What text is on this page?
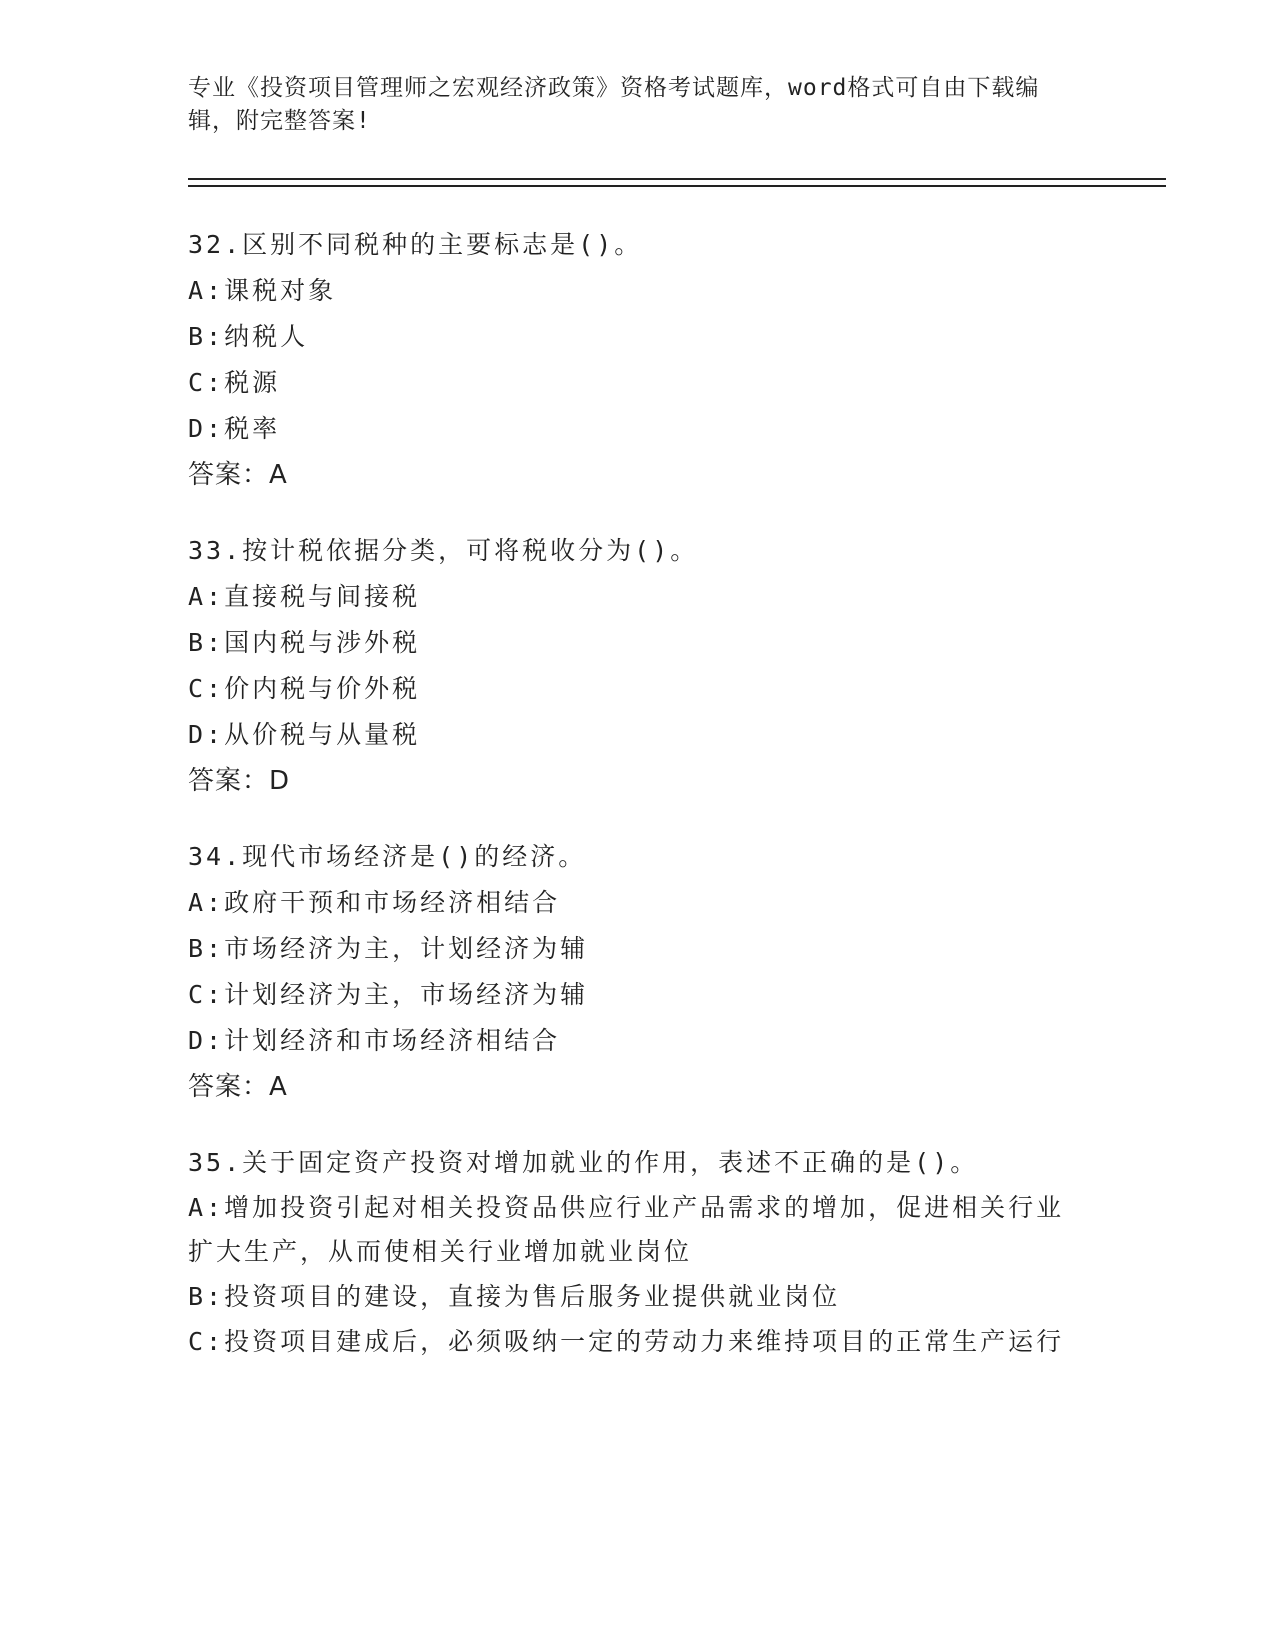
专业《投资项目管理师之宏观经济政策》资格考试题库，word格式可自由下载编辑，附完整答案!
32.区别不同税种的主要标志是()。
A:课税对象
B:纳税人
C:税源
D:税率
答案：A
33.按计税依据分类，可将税收分为()。
A:直接税与间接税
B:国内税与涉外税
C:价内税与价外税
D:从价税与从量税
答案：D
34.现代市场经济是()的经济。
A:政府干预和市场经济相结合
B:市场经济为主，计划经济为辅
C:计划经济为主，市场经济为辅
D:计划经济和市场经济相结合
答案：A
35.关于固定资产投资对增加就业的作用，表述不正确的是()。
A:增加投资引起对相关投资品供应行业产品需求的增加，促进相关行业扩大生产，从而使相关行业增加就业岗位
B:投资项目的建设，直接为售后服务业提供就业岗位
C:投资项目建成后，必须吸纳一定的劳动力来维持项目的正常生产运行
